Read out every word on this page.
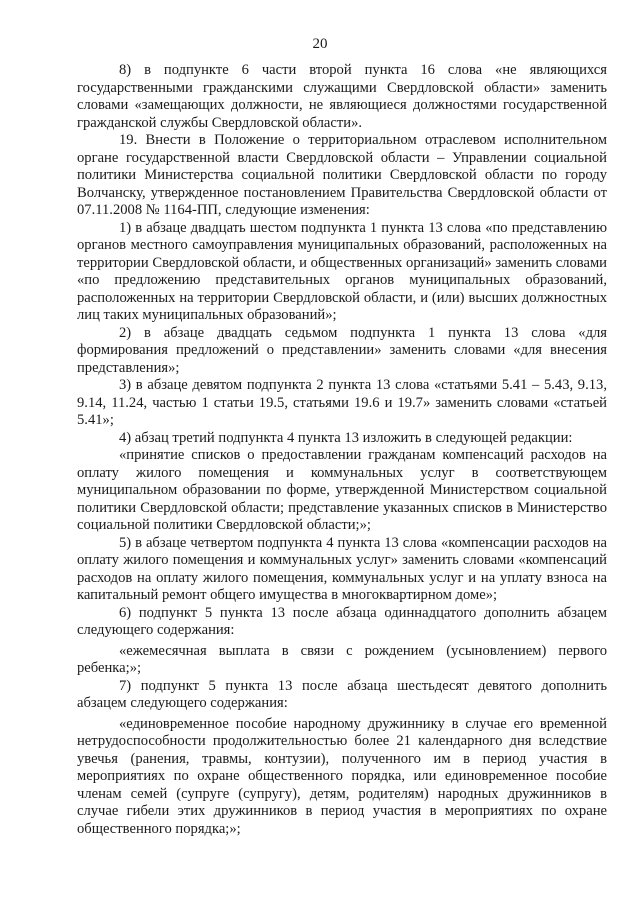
20

8) в подпункте 6 части второй пункта 16 слова «не являющихся государственными гражданскими служащими Свердловской области» заменить словами «замещающих должности, не являющиеся должностями государственной гражданской службы Свердловской области».

19. Внести в Положение о территориальном отраслевом исполнительном органе государственной власти Свердловской области – Управлении социальной политики Министерства социальной политики Свердловской области по городу Волчанску, утвержденное постановлением Правительства Свердловской области от 07.11.2008 № 1164-ПП, следующие изменения:

1) в абзаце двадцать шестом подпункта 1 пункта 13 слова «по представлению органов местного самоуправления муниципальных образований, расположенных на территории Свердловской области, и общественных организаций» заменить словами «по предложению представительных органов муниципальных образований, расположенных на территории Свердловской области, и (или) высших должностных лиц таких муниципальных образований»;

2) в абзаце двадцать седьмом подпункта 1 пункта 13 слова «для формирования предложений о представлении» заменить словами «для внесения представления»;

3) в абзаце девятом подпункта 2 пункта 13 слова «статьями 5.41 – 5.43, 9.13, 9.14, 11.24, частью 1 статьи 19.5, статьями 19.6 и 19.7» заменить словами «статьей 5.41»;

4) абзац третий подпункта 4 пункта 13 изложить в следующей редакции:

«принятие списков о предоставлении гражданам компенсаций расходов на оплату жилого помещения и коммунальных услуг в соответствующем муниципальном образовании по форме, утвержденной Министерством социальной политики Свердловской области; представление указанных списков в Министерство социальной политики Свердловской области;»;

5) в абзаце четвертом подпункта 4 пункта 13 слова «компенсации расходов на оплату жилого помещения и коммунальных услуг» заменить словами «компенсаций расходов на оплату жилого помещения, коммунальных услуг и на уплату взноса на капитальный ремонт общего имущества в многоквартирном доме»;

6) подпункт 5 пункта 13 после абзаца одиннадцатого дополнить абзацем следующего содержания:

«ежемесячная выплата в связи с рождением (усыновлением) первого ребенка;»;

7) подпункт 5 пункта 13 после абзаца шестьдесят девятого дополнить абзацем следующего содержания:

«единовременное пособие народному дружиннику в случае его временной нетрудоспособности продолжительностью более 21 календарного дня вследствие увечья (ранения, травмы, контузии), полученного им в период участия в мероприятиях по охране общественного порядка, или единовременное пособие членам семей (супруге (супругу), детям, родителям) народных дружинников в случае гибели этих дружинников в период участия в мероприятиях по охране общественного порядка;»;
